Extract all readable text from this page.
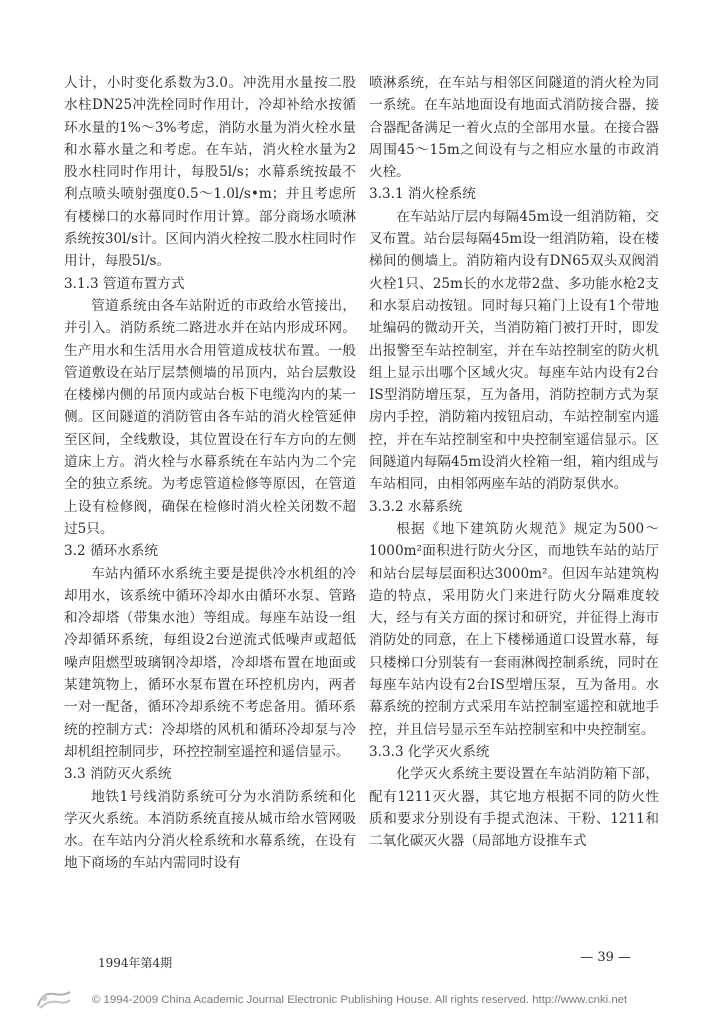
人计，小时变化系数为3.0。冲洗用水量按二股水柱DN25冲洗栓同时作用计，冷却补给水按循环水量的1%～3%考虑，消防水量为消火栓水量和水幕水量之和考虑。在车站，消火栓水量为2股水柱同时作用计，每股5l/s；水幕系统按最不利点喷头喷射强度0.5～1.0l/s•m；并且考虑所有楼梯口的水幕同时作用计算。部分商场水喷淋系统按30l/s计。区间内消火栓按二股水柱同时作用计，每股5l/s。

3.1.3 管道布置方式

管道系统由各车站附近的市政给水管接出，并引入。消防系统二路进水并在站内形成环网。生产用水和生活用水合用管道成枝状布置。一般管道敷设在站厅层禁侧墙的吊顶内，站台层敷设在楼梯内侧的吊顶内或站台板下电缆沟内的某一侧。区间隧道的消防管由各车站的消火栓管延伸至区间，全线敷设，其位置设在行车方向的左侧道床上方。消火栓与水幕系统在车站内为二个完全的独立系统。为考虑管道检修等原因，在管道上设有检修阀，确保在检修时消火栓关闭数不超过5只。

3.2 循环水系统

车站内循环水系统主要是提供冷水机组的冷却用水，该系统中循环冷却水由循环水泵、管路和冷却塔（带集水池）等组成。每座车站设一组冷却循环系统，每组设2台逆流式低噪声或超低噪声阻燃型玻璃钢冷却塔，冷却塔布置在地面或某建筑物上，循环水泵布置在环控机房内，两者一对一配备，循环冷却系统不考虑备用。循环系统的控制方式：冷却塔的风机和循环冷却泵与冷却机组控制同步，环控控制室遥控和遥信显示。

3.3 消防灭火系统

地铁1号线消防系统可分为水消防系统和化学灭火系统。本消防系统直接从城市给水管网吸水。在车站内分消火栓系统和水幕系统，在设有地下商场的车站内需同时设有

喷淋系统，在车站与相邻区间隧道的消火栓为同一系统。在车站地面设有地面式消防接合器，接合器配备满足一着火点的全部用水量。在接合器周围45～15m之间设有与之相应水量的市政消火栓。

3.3.1 消火栓系统

在车站站厅层内每隔45m设一组消防箱，交叉布置。站台层每隔45m设一组消防箱，设在楼梯间的侧墙上。消防箱内设有DN65双头双阀消火栓1只、25m长的水龙带2盘、多功能水枪2支和水泵启动按钮。同时每只箱门上设有1个带地址编码的微动开关，当消防箱门被打开时，即发出报警至车站控制室，并在车站控制室的防火机组上显示出哪个区域火灾。每座车站内设有2台IS型消防增压泵，互为备用，消防控制方式为泵房内手控，消防箱内按钮启动，车站控制室内遥控，并在车站控制室和中央控制室遥信显示。区间隧道内每隔45m设消火栓箱一组，箱内组成与车站相同，由相邻两座车站的消防泵供水。

3.3.2 水幕系统

根据《地下建筑防火规范》规定为500～1000m²面积进行防火分区，而地铁车站的站厅和站台层每层面积达3000m²。但因车站建筑构造的特点，采用防火门来进行防火分隔难度较大，经与有关方面的探讨和研究，并征得上海市消防处的同意，在上下楼梯通道口设置水幕，每只楼梯口分别装有一套雨淋阀控制系统，同时在每座车站内设有2台IS型增压泵，互为备用。水幕系统的控制方式采用车站控制室遥控和就地手控，并且信号显示至车站控制室和中央控制室。

3.3.3 化学灭火系统

化学灭火系统主要设置在车站消防箱下部，配有1211灭火器，其它地方根据不同的防火性质和要求分别设有手提式泡沫、干粉、1211和二氧化碳灭火器（局部地方设推车式

1994年第4期	— 39 —
© 1994-2009 China Academic Journal Electronic Publishing House. All rights reserved. http://www.cnki.net
